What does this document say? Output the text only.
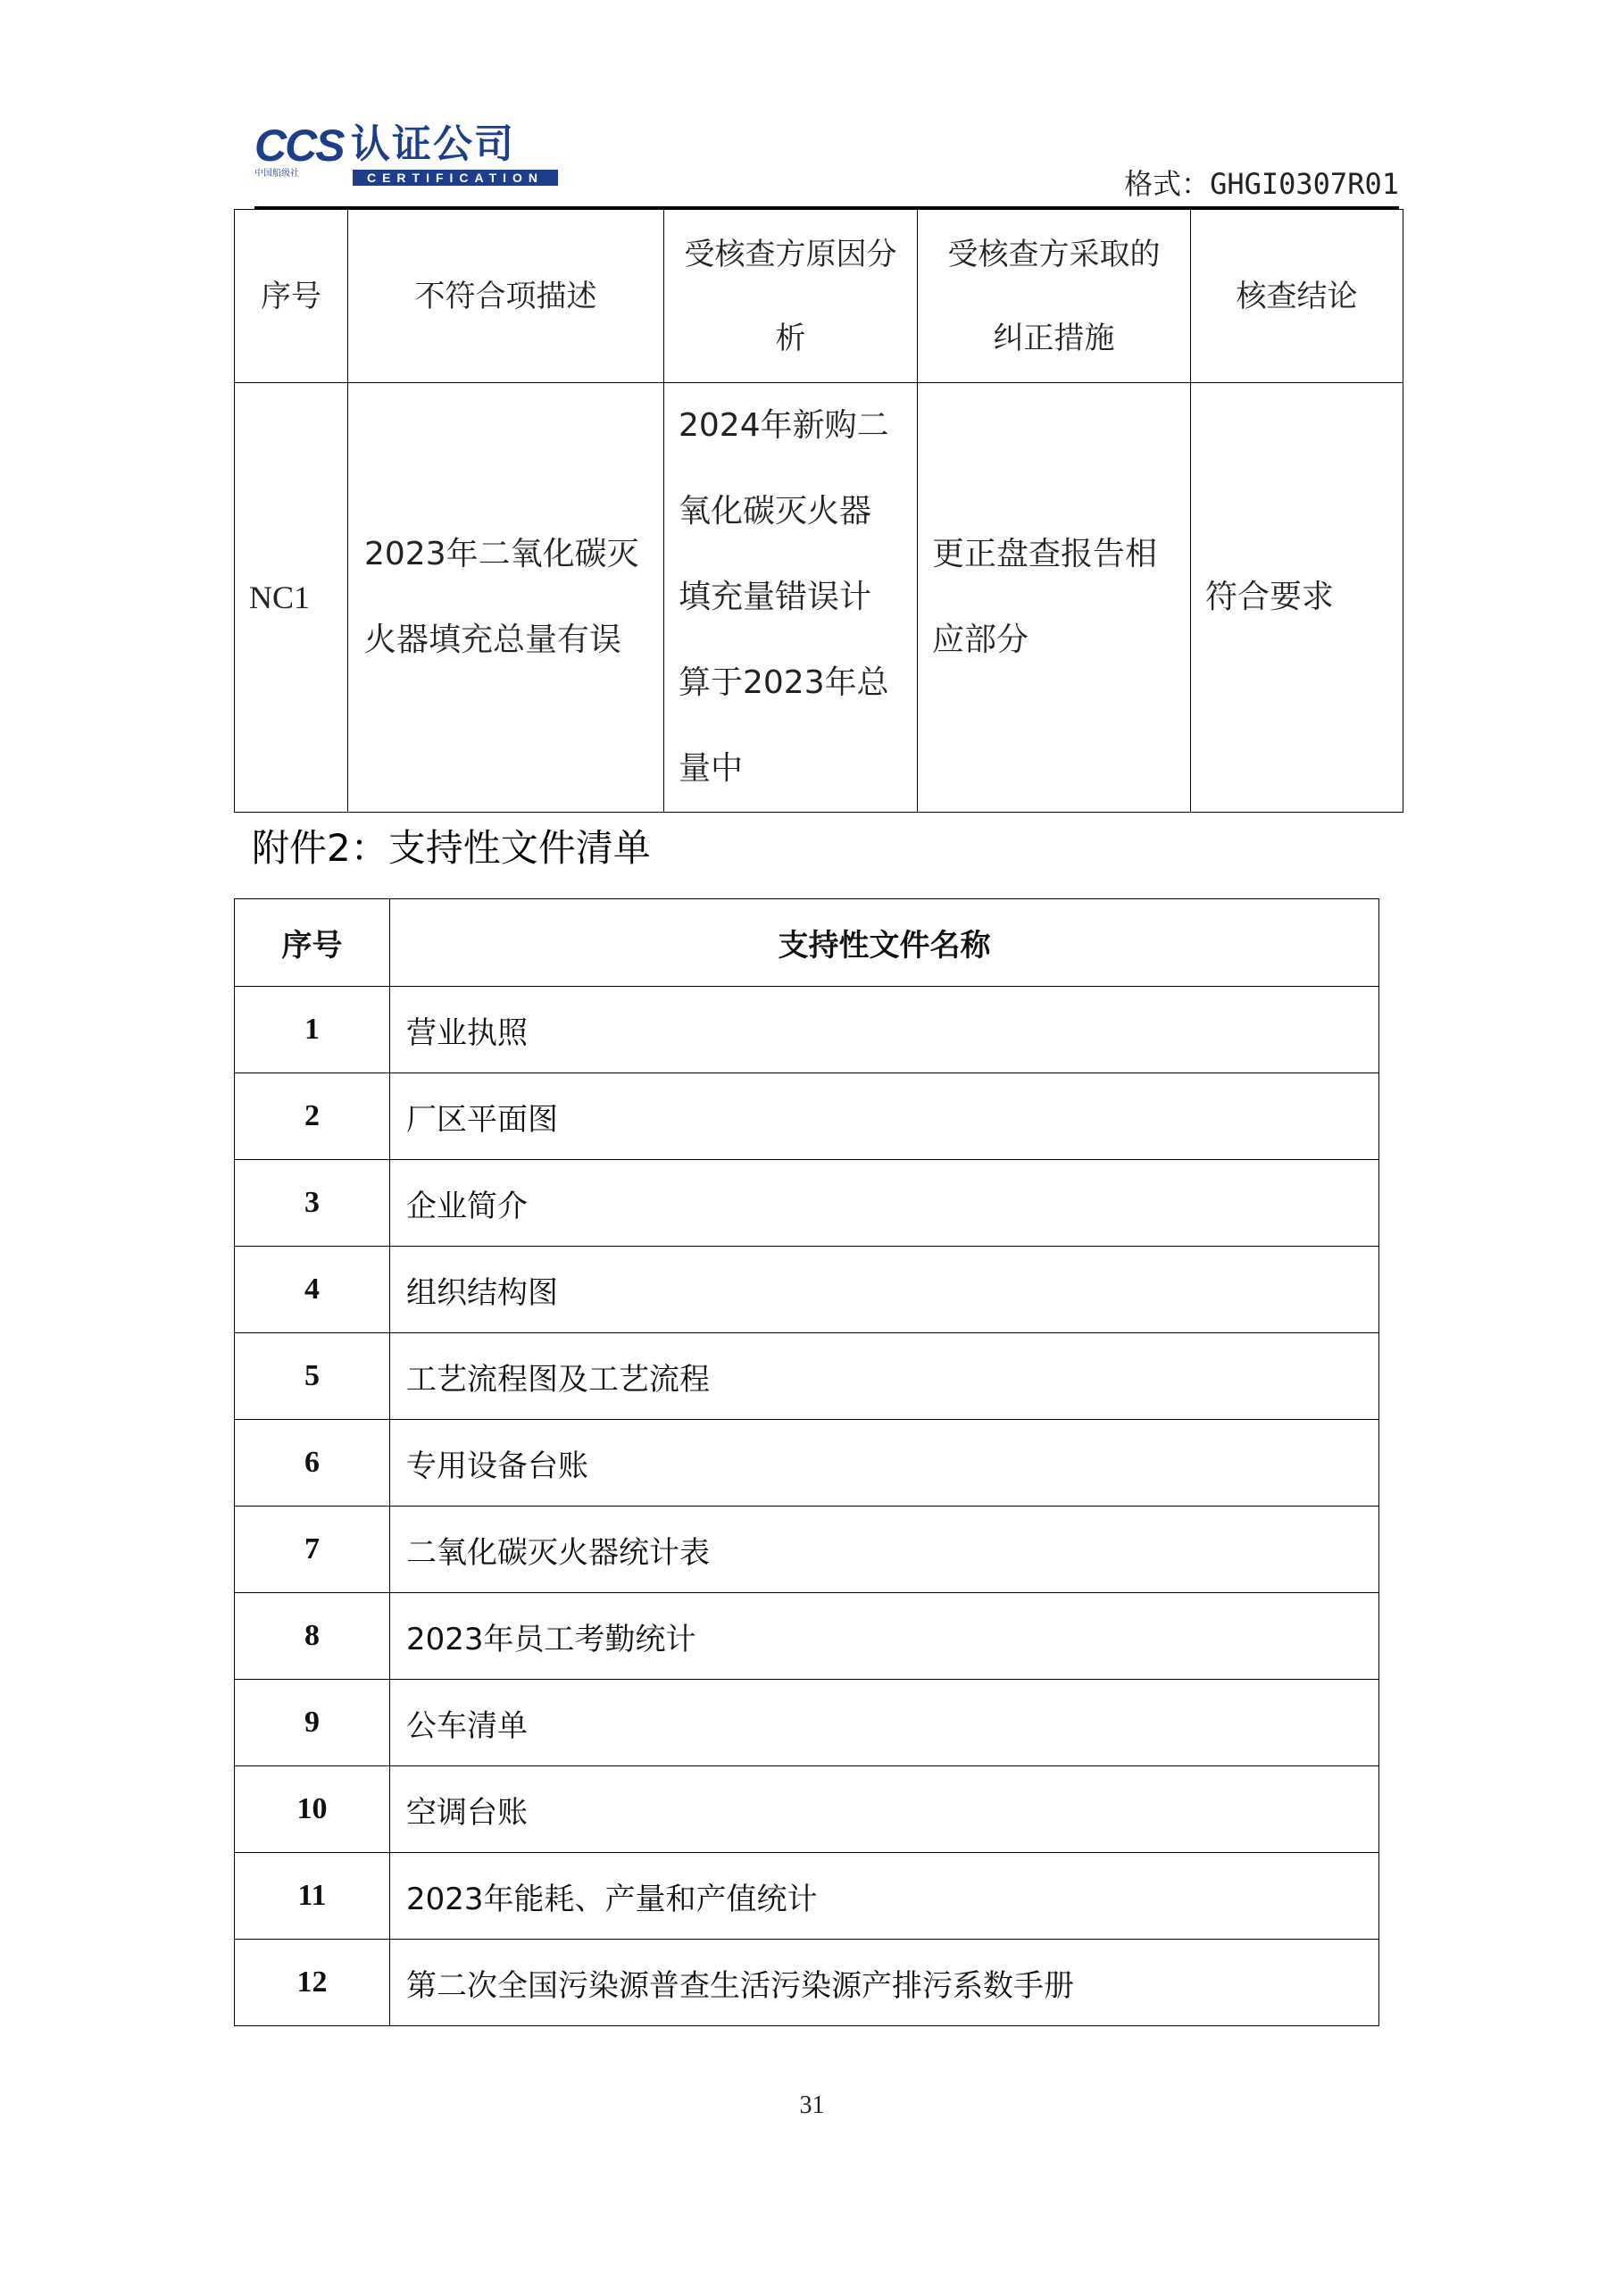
CCS 认证公司
中国船级社	CERTIFICATION	格式：GHGI0307R01
序号	不符合项描述	受核查方原因分析	受核查方采取的纠正措施	核查结论
NC1	2023年二氧化碳灭火器填充总量有误	2024年新购二氧化碳灭火器填充量错误计算于2023年总量中	更正盘查报告相应部分	符合要求
附件2：支持性文件清单
序号	支持性文件名称
1	营业执照
2	厂区平面图
3	企业简介
4	组织结构图
5	工艺流程图及工艺流程
6	专用设备台账
7	二氧化碳灭火器统计表
8	2023年员工考勤统计
9	公车清单
10	空调台账
11	2023年能耗、产量和产值统计
12	第二次全国污染源普查生活污染源产排污系数手册
31
